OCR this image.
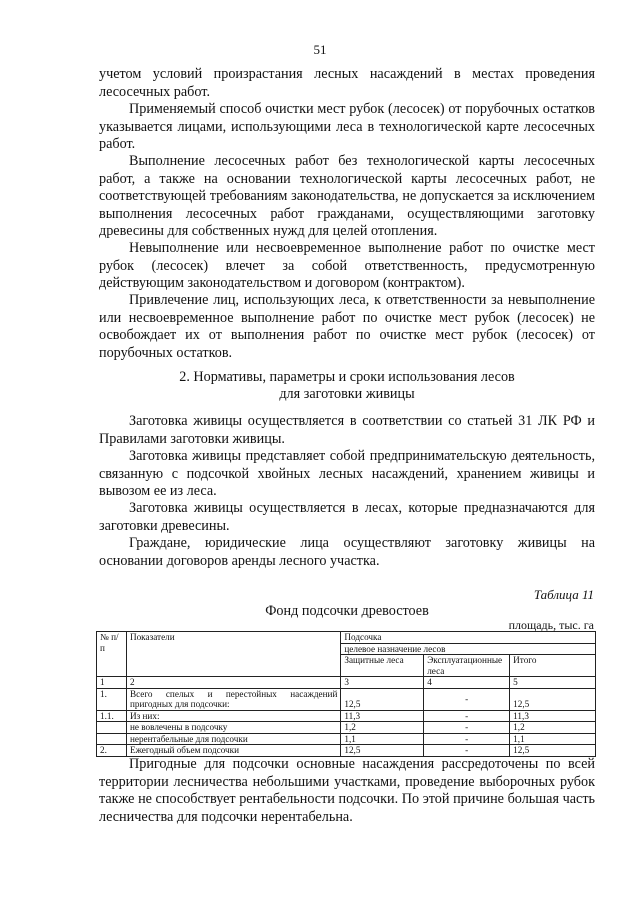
51

учетом условий произрастания лесных насаждений в местах проведения лесосечных работ.

Применяемый способ очистки мест рубок (лесосек) от порубочных остатков указывается лицами, использующими леса в технологической карте лесосечных работ.

Выполнение лесосечных работ без технологической карты лесосечных работ, а также на основании технологической карты лесосечных работ, не соответствующей требованиям законодательства, не допускается за исключением выполнения лесосечных работ гражданами, осуществляющими заготовку древесины для собственных нужд для целей отопления.

Невыполнение или несвоевременное выполнение работ по очистке мест рубок (лесосек) влечет за собой ответственность, предусмотренную действующим законодательством и договором (контрактом).

Привлечение лиц, использующих леса, к ответственности за невыполнение или несвоевременное выполнение работ по очистке мест рубок (лесосек) не освобождает их от выполнения работ по очистке мест рубок (лесосек) от порубочных остатков.

2. Нормативы, параметры и сроки использования лесов
для заготовки живицы

Заготовка живицы осуществляется в соответствии со статьей 31 ЛК РФ и Правилами заготовки живицы.

Заготовка живицы представляет собой предпринимательскую деятельность, связанную с подсочкой хвойных лесных насаждений, хранением живицы и вывозом ее из леса.

Заготовка живицы осуществляется в лесах, которые предназначаются для заготовки древесины.

Граждане, юридические лица осуществляют заготовку живицы на основании договоров аренды лесного участка.

Таблица 11
Фонд подсочки древостоев
площадь, тыс. га
№ п/п	Показатели	Подсочка		
		целевое назначение лесов		
		Защитные леса	Эксплуатационные леса	Итого
1	2	3	4	5
1.	Всего спелых и перестойных насаждений пригодных для подсочки:	12,5	-	12,5
1.1.	Из них:	11,3	-	11,3
	не вовлечены в подсочку	1,2	-	1,2
	нерентабельные для подсочки	1,1	-	1,1
2.	Ежегодный объем подсочки	12,5	-	12,5

Пригодные для подсочки основные насаждения рассредоточены по всей территории лесничества небольшими участками, проведение выборочных рубок также не способствует рентабельности подсочки. По этой причине большая часть лесничества для подсочки нерентабельна.
